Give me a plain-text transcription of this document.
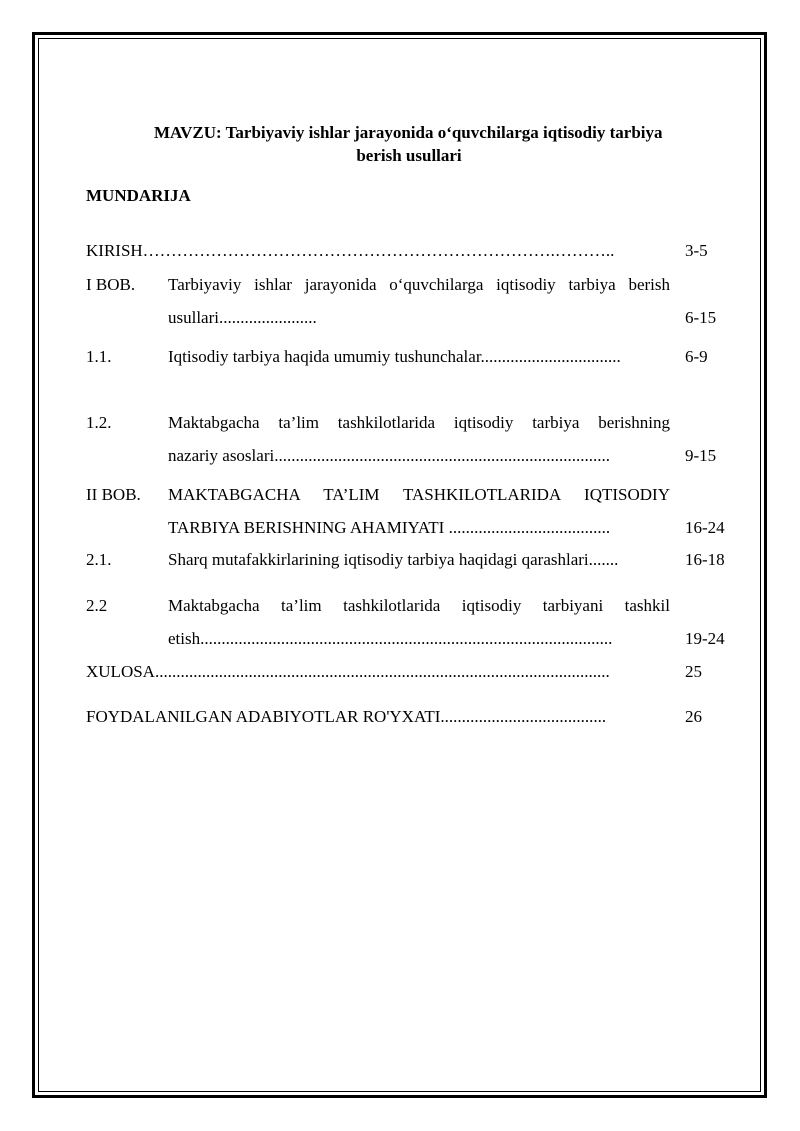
MAVZU: Tarbiyaviy ishlar jarayonida o‘quvchilarga iqtisodiy tarbiya
berish usullari
MUNDARIJA
KIRISH……………………………………………………………….………..	3-5
I BOB. Tarbiyaviy ishlar jarayonida o‘quvchilarga iqtisodiy tarbiya berish
usullari.......................	6-15
1.1.	Iqtisodiy tarbiya haqida umumiy tushunchalar.................................	6-9
1.2.	Maktabgacha ta’lim tashkilotlarida iqtisodiy tarbiya berishning
nazariy asoslari...............................................................................	9-15
II BOB. MAKTABGACHA TA’LIM TASHKILOTLARIDA IQTISODIY
TARBIYA BERISHNING AHAMIYATI ......................................	16-24
2.1.	Sharq mutafakkirlarining iqtisodiy tarbiya haqidagi qarashlari.......	16-18
2.2	Maktabgacha ta’lim tashkilotlarida iqtisodiy tarbiyani tashkil
etish.................................................................................................	19-24
XULOSA...........................................................................................................	25
FOYDALANILGAN ADABIYOTLAR RO'YXATI.......................................	26
